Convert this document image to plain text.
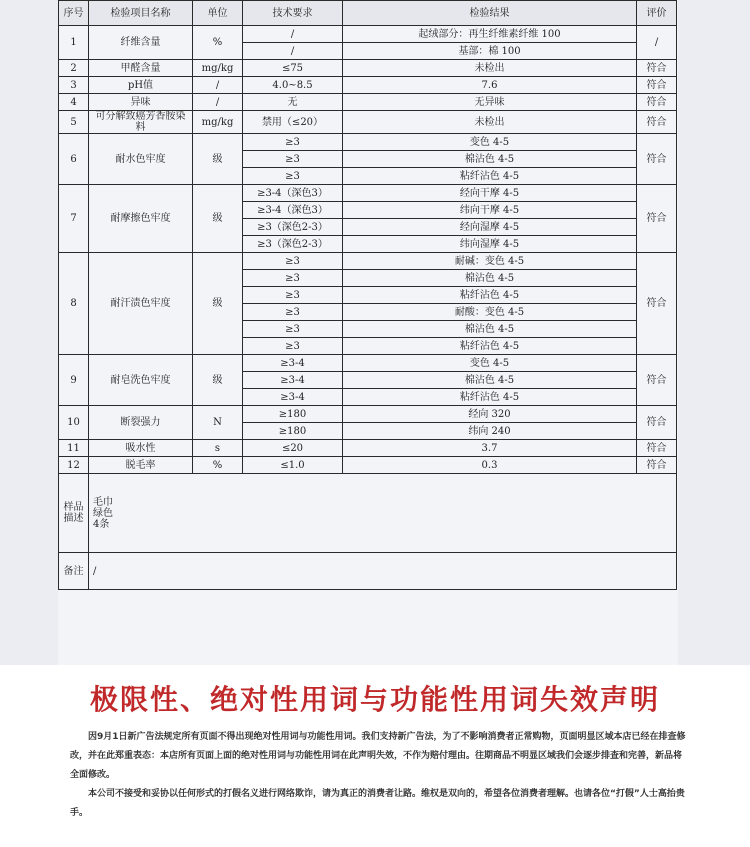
序号	检验项目名称	单位	技术要求	检验结果	评价
1	纤维含量	%	/	起绒部分：再生纤维素纤维 100	/
			/	基部：棉 100	
2	甲醛含量	mg/kg	≤75	未检出	符合
3	pH值	/	4.0~8.5	7.6	符合
4	异味	/	无	无异味	符合
5	可分解致癌芳香胺染料	mg/kg	禁用（≤20）	未检出	符合
6	耐水色牢度	级	≥3	变色 4-5	符合
			≥3	棉沾色 4-5	
			≥3	粘纤沾色 4-5	
7	耐摩擦色牢度	级	≥3-4（深色3）	经向干摩 4-5	符合
			≥3-4（深色3）	纬向干摩 4-5	
			≥3（深色2-3）	经向湿摩 4-5	
			≥3（深色2-3）	纬向湿摩 4-5	
8	耐汗渍色牢度	级	≥3	耐碱：变色 4-5	符合
			≥3	棉沾色 4-5	
			≥3	粘纤沾色 4-5	
			≥3	耐酸：变色 4-5	
			≥3	棉沾色 4-5	
			≥3	粘纤沾色 4-5	
9	耐皂洗色牢度	级	≥3-4	变色 4-5	符合
			≥3-4	棉沾色 4-5	
			≥3-4	粘纤沾色 4-5	
10	断裂强力	N	≥180	经向 320	符合
			≥180	纬向 240	
11	吸水性	s	≤20	3.7	符合
12	脱毛率	%	≤1.0	0.3	符合
样品描述	毛巾
绿色
4条				

备注	/				
极限性、绝对性用词与功能性用词失效声明

因9月1日新广告法规定所有页面不得出现绝对性用词与功能性用词。我们支持新广告法，为了不影响消费者正常购物，页面明显区域本店已经在排查修改，并在此郑重表态：本店所有页面上面的绝对性用词与功能性用词在此声明失效，不作为赔付理由。往期商品不明显区域我们会逐步排查和完善，新品将全面修改。

本公司不接受和妥协以任何形式的打假名义进行网络欺诈，请为真正的消费者让路。维权是双向的，希望各位消费者理解。也请各位“打假”人士高抬贵手。
